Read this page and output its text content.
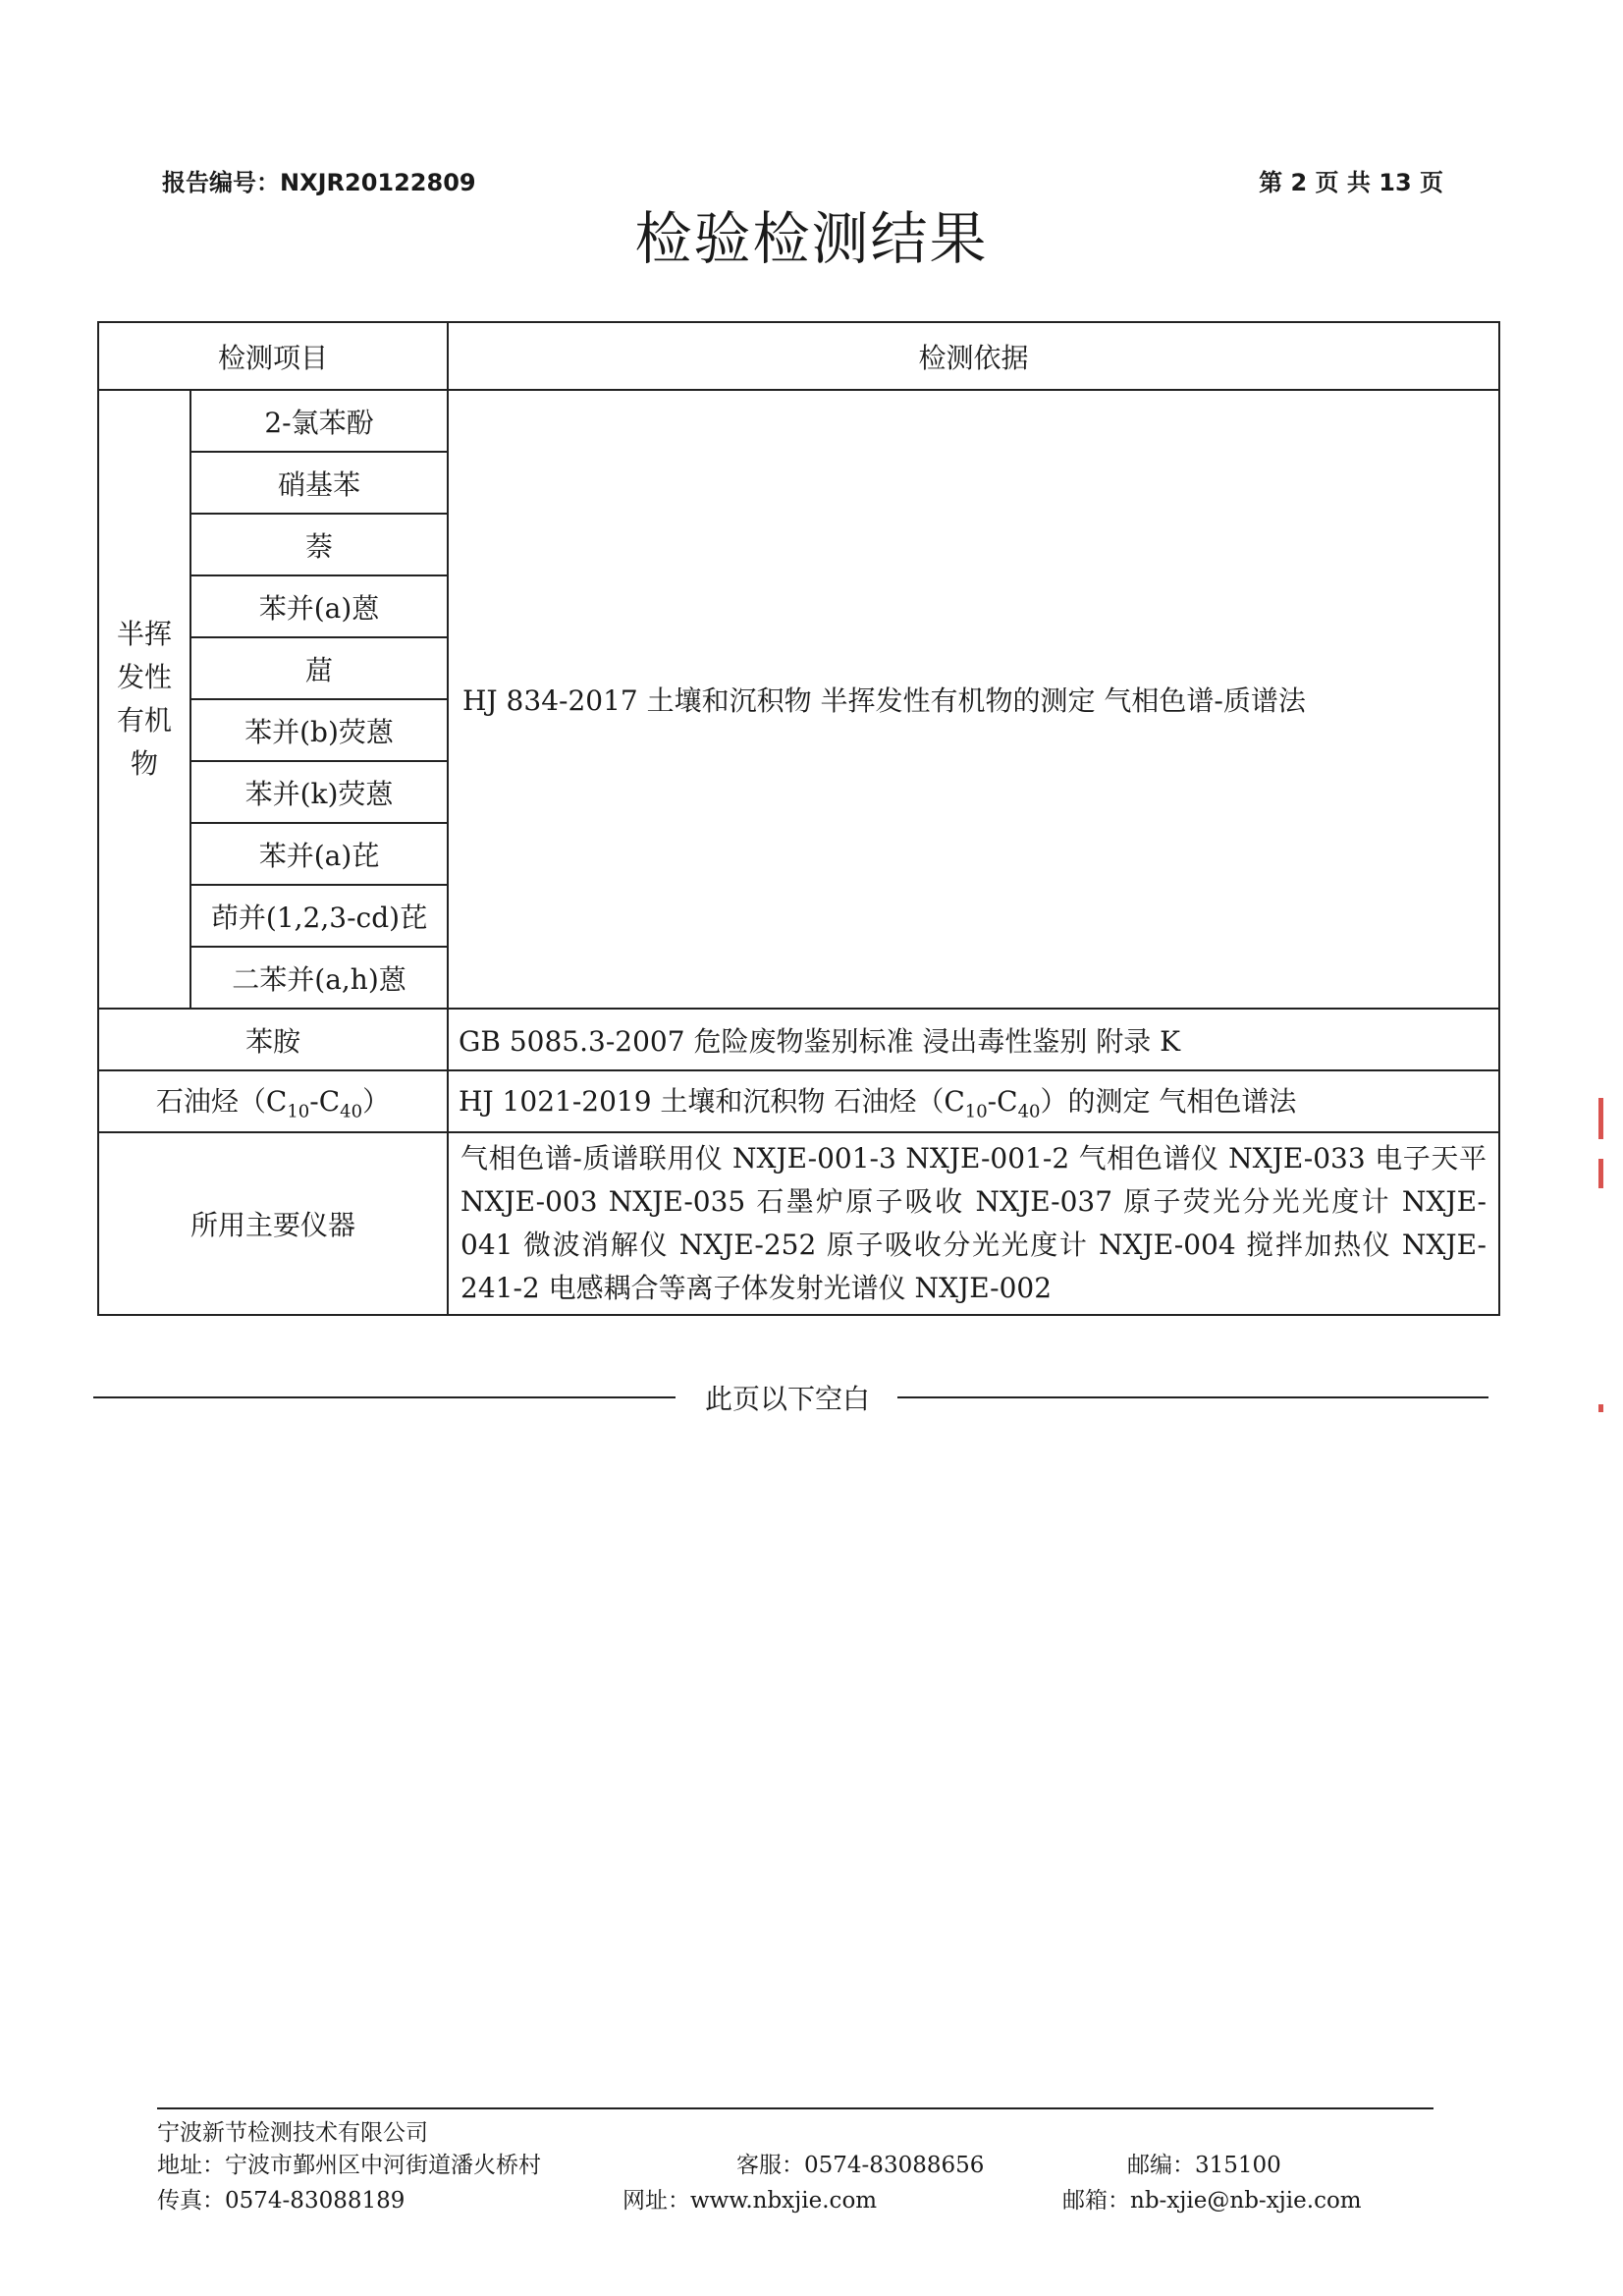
报告编号：NXJR20122809	第 2 页 共 13 页
检验检测结果
检测项目		检测依据

半挥
发性
有机
物	2-氯苯酚	HJ 834-2017 土壤和沉积物 半挥发性有机物的测定 气相色谱-质谱法
	硝基苯	
	萘	
	苯并(a)蒽	
	䓛	
	苯并(b)荧蒽	
	苯并(k)荧蒽	
	苯并(a)芘	
	茚并(1,2,3-cd)芘	
	二苯并(a,h)蒽	
苯胺		GB 5085.3-2007 危险废物鉴别标准 浸出毒性鉴别 附录 K
石油烃$(C_{10}-C_{40})$		HJ 1021-2019 土壤和沉积物 石油烃$(C_{10}-C_{40})$的测定 气相色谱法
所用主要仪器		气相色谱-质谱联用仪 NXJE-001-3 NXJE-001-2 气相色谱仪 NXJE-033 电子天平 NXJE-003 NXJE-035 石墨炉原子吸收 NXJE-037 原子荧光分光光度计 NXJE-041 微波消解仪 NXJE-252 原子吸收分光光度计 NXJE-004 搅拌加热仪 NXJE-241-2 电感耦合等离子体发射光谱仪 NXJE-002
此页以下空白
宁波新节检测技术有限公司
地址：宁波市鄞州区中河街道潘火桥村	客服：0574-83088656	邮编：315100
传真：0574-83088189	网址：www.nbxjie.com	邮箱：nb-xjie@nb-xjie.com
